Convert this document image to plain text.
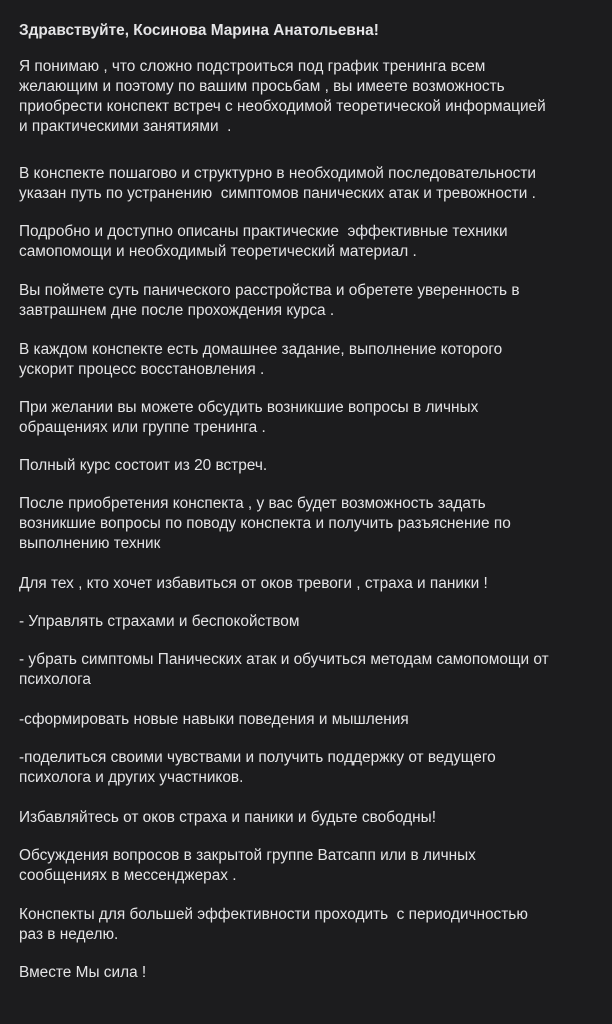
Здравствуйте, Косинова Марина Анатольевна!

Я понимаю , что сложно подстроиться под график тренинга всем
желающим и поэтому по вашим просьбам , вы имеете возможность
приобрести конспект встреч с необходимой теоретической информацией
и практическими занятиями  .

В конспекте пошагово и структурно в необходимой последовательности
указан путь по устранению  симптомов панических атак и тревожности .

Подробно и доступно описаны практические  эффективные техники
самопомощи и необходимый теоретический материал .

Вы поймете суть панического расстройства и обретете уверенность в
завтрашнем дне после прохождения курса .

В каждом конспекте есть домашнее задание, выполнение которого
ускорит процесс восстановления .

При желании вы можете обсудить возникшие вопросы в личных
обращениях или группе тренинга .

Полный курс состоит из 20 встреч.

После приобретения конспекта , у вас будет возможность задать
возникшие вопросы по поводу конспекта и получить разъяснение по
выполнению техник

Для тех , кто хочет избавиться от оков тревоги , страха и паники !

- Управлять страхами и беспокойством

- убрать симптомы Панических атак и обучиться методам самопомощи от
психолога

-сформировать новые навыки поведения и мышления

-поделиться своими чувствами и получить поддержку от ведущего
психолога и других участников.

Избавляйтесь от оков страха и паники и будьте свободны!

Обсуждения вопросов в закрытой группе Ватсапп или в личных
сообщениях в мессенджерах .

Конспекты для большей эффективности проходить  с периодичностью
раз в неделю.

Вместе Мы сила !
